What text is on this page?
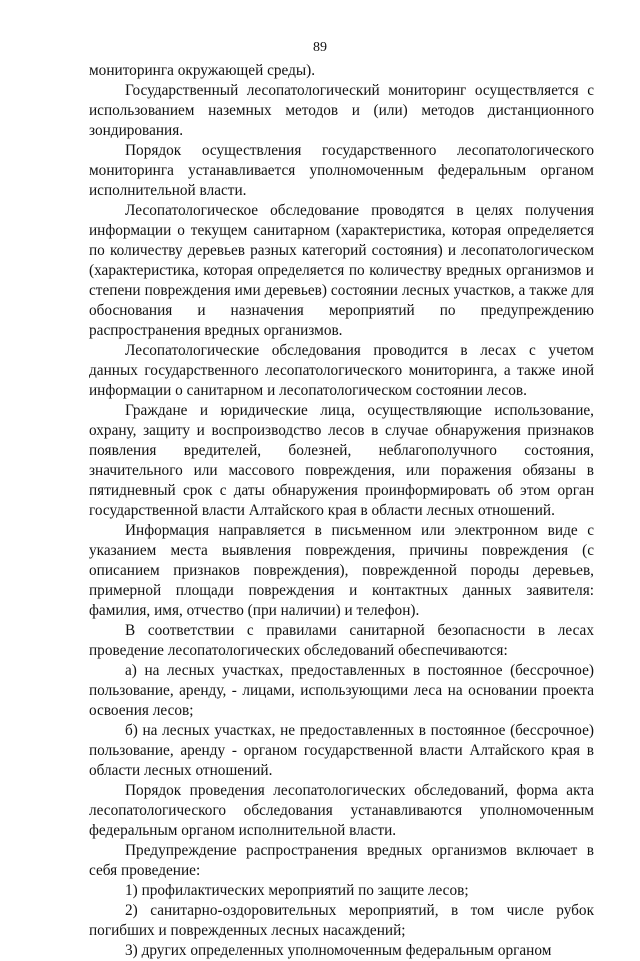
89

мониторинга окружающей среды).

Государственный лесопатологический мониторинг осуществляется с использованием наземных методов и (или) методов дистанционного зондирования.

Порядок осуществления государственного лесопатологического мониторинга устанавливается уполномоченным федеральным органом исполнительной власти.

Лесопатологическое обследование проводятся в целях получения информации о текущем санитарном (характеристика, которая определяется по количеству деревьев разных категорий состояния) и лесопатологическом (характеристика, которая определяется по количеству вредных организмов и степени повреждения ими деревьев) состоянии лесных участков, а также для обоснования и назначения мероприятий по предупреждению распространения вредных организмов.

Лесопатологические обследования проводится в лесах с учетом данных государственного лесопатологического мониторинга, а также иной информации о санитарном и лесопатологическом состоянии лесов.

Граждане и юридические лица, осуществляющие использование, охрану, защиту и воспроизводство лесов в случае обнаружения признаков появления вредителей, болезней, неблагополучного состояния, значительного или массового повреждения, или поражения обязаны в пятидневный срок с даты обнаружения проинформировать об этом орган государственной власти Алтайского края в области лесных отношений.

Информация направляется в письменном или электронном виде с указанием места выявления повреждения, причины повреждения (с описанием признаков повреждения), поврежденной породы деревьев, примерной площади повреждения и контактных данных заявителя: фамилия, имя, отчество (при наличии) и телефон).

В соответствии с правилами санитарной безопасности в лесах проведение лесопатологических обследований обеспечиваются:

а) на лесных участках, предоставленных в постоянное (бессрочное) пользование, аренду, - лицами, использующими леса на основании проекта освоения лесов;

б) на лесных участках, не предоставленных в постоянное (бессрочное) пользование, аренду - органом государственной власти Алтайского края в области лесных отношений.

Порядок проведения лесопатологических обследований, форма акта лесопатологического обследования устанавливаются уполномоченным федеральным органом исполнительной власти.

Предупреждение распространения вредных организмов включает в себя проведение:

1) профилактических мероприятий по защите лесов;

2) санитарно-оздоровительных мероприятий, в том числе рубок погибших и поврежденных лесных насаждений;

3) других определенных уполномоченным федеральным органом
